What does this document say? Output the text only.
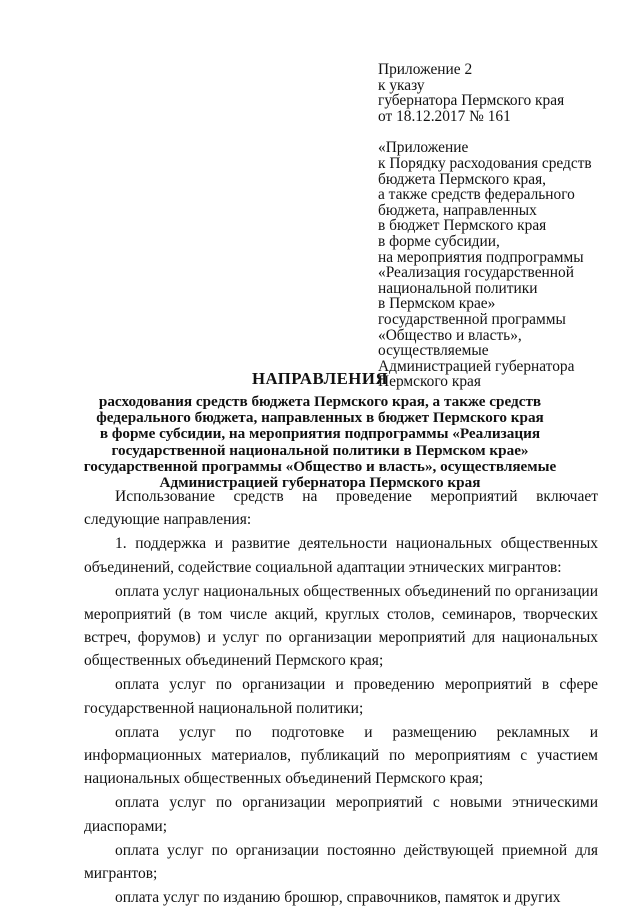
Приложение 2
к указу
губернатора Пермского края
от 18.12.2017 № 161
«Приложение
к Порядку расходования средств
бюджета Пермского края,
а также средств федерального
бюджета, направленных
в бюджет Пермского края
в форме субсидии,
на мероприятия подпрограммы
«Реализация государственной
национальной политики
в Пермском крае»
государственной программы
«Общество и власть»,
осуществляемые
Администрацией губернатора
Пермского края
НАПРАВЛЕНИЯ
расходования средств бюджета Пермского края, а также средств
федерального бюджета, направленных в бюджет Пермского края
в форме субсидии, на мероприятия подпрограммы «Реализация
государственной национальной политики в Пермском крае»
государственной программы «Общество и власть», осуществляемые
Администрацией губернатора Пермского края

Использование средств на проведение мероприятий включает следующие направления:

1. поддержка и развитие деятельности национальных общественных объединений, содействие социальной адаптации этнических мигрантов:

оплата услуг национальных общественных объединений по организации мероприятий (в том числе акций, круглых столов, семинаров, творческих встреч, форумов) и услуг по организации мероприятий для национальных общественных объединений Пермского края;

оплата услуг по организации и проведению мероприятий в сфере государственной национальной политики;

оплата услуг по подготовке и размещению рекламных и информационных материалов, публикаций по мероприятиям с участием национальных общественных объединений Пермского края;

оплата услуг по организации мероприятий с новыми этническими диаспорами;

оплата услуг по организации постоянно действующей приемной для мигрантов;

оплата услуг по изданию брошюр, справочников, памяток и других
